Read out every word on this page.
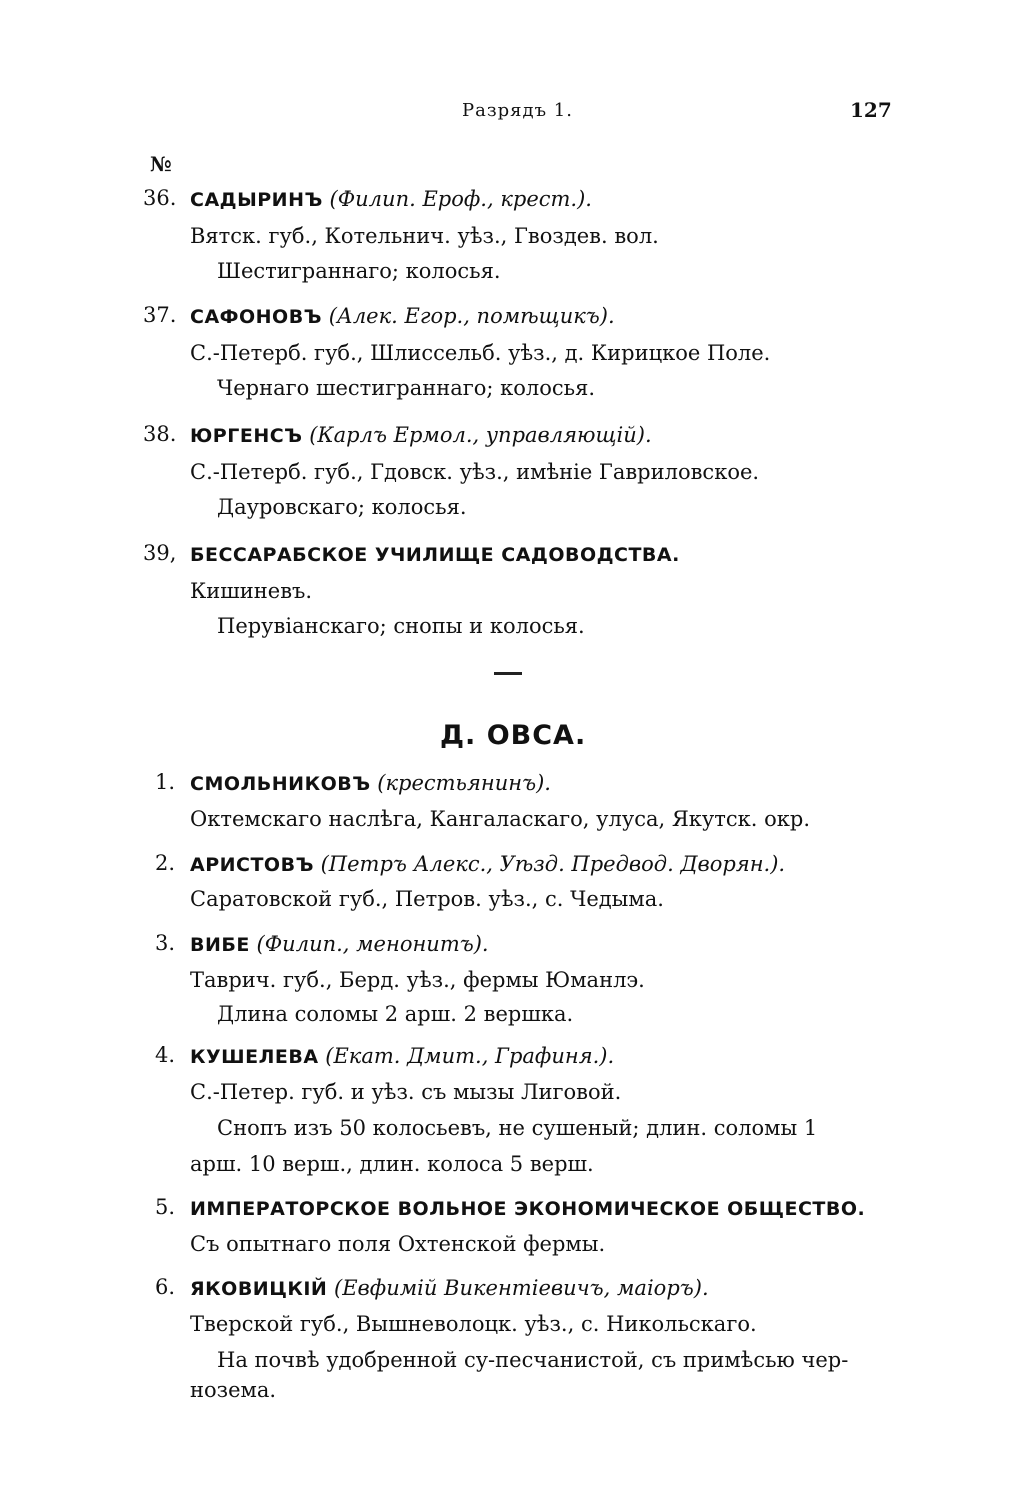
Разрядъ 1.	127
№
36. САДЫРИНЪ (Филип. Ероф., крест.).
Вятск. губ., Котельнич. уѣз., Гвоздев. вол.
Шестиграннаго; колосья.
37. САФОНОВЪ (Алек. Егор., помѣщикъ).
С.-Петерб. губ., Шлиссельб. уѣз., д. Кирицкое Поле.
Чернаго шестиграннаго; колосья.
38. ЮРГЕНСЪ (Карлъ Ермол., управляющій).
С.-Петерб. губ., Гдовск. уѣз., имѣніе Гавриловское.
Дауровскаго; колосья.
39, БЕССАРАБСКОЕ УЧИЛИЩЕ САДОВОДСТВА.
Кишиневъ.
Перувіанскаго; снопы и колосья.
Д. ОВСА.
1. СМОЛЬНИКОВЪ (крестьянинъ).
Октемскаго наслѣга, Кангаласкаго, улуса, Якутск. окр.
2. АРИСТОВЪ (Петръ Алекс., Уѣзд. Предвод. Дворян.).
Саратовской губ., Петров. уѣз., с. Чедыма.
3. ВИБЕ (Филип., менонитъ).
Таврич. губ., Берд. уѣз., фермы Юманлэ.
Длина соломы 2 арш. 2 вершка.
4. КУШЕЛЕВА (Екат. Дмит., Графиня.).
С.-Петер. губ. и уѣз. съ мызы Лиговой.
Снопъ изъ 50 колосьевъ, не сушеный; длин. соломы 1
арш. 10 верш., длин. колоса 5 верш.
5. ИМПЕРАТОРСКОЕ ВОЛЬНОЕ ЭКОНОМИЧЕСКОЕ ОБЩЕСТВО.
Съ опытнаго поля Охтенской фермы.
6. ЯКОВИЦКІЙ (Евфимій Викентіевичъ, маіоръ).
Тверской губ., Вышневолоцк. уѣз., с. Никольскаго.
На почвѣ удобренной су-песчанистой, съ примѣсью чер-
нозема.
